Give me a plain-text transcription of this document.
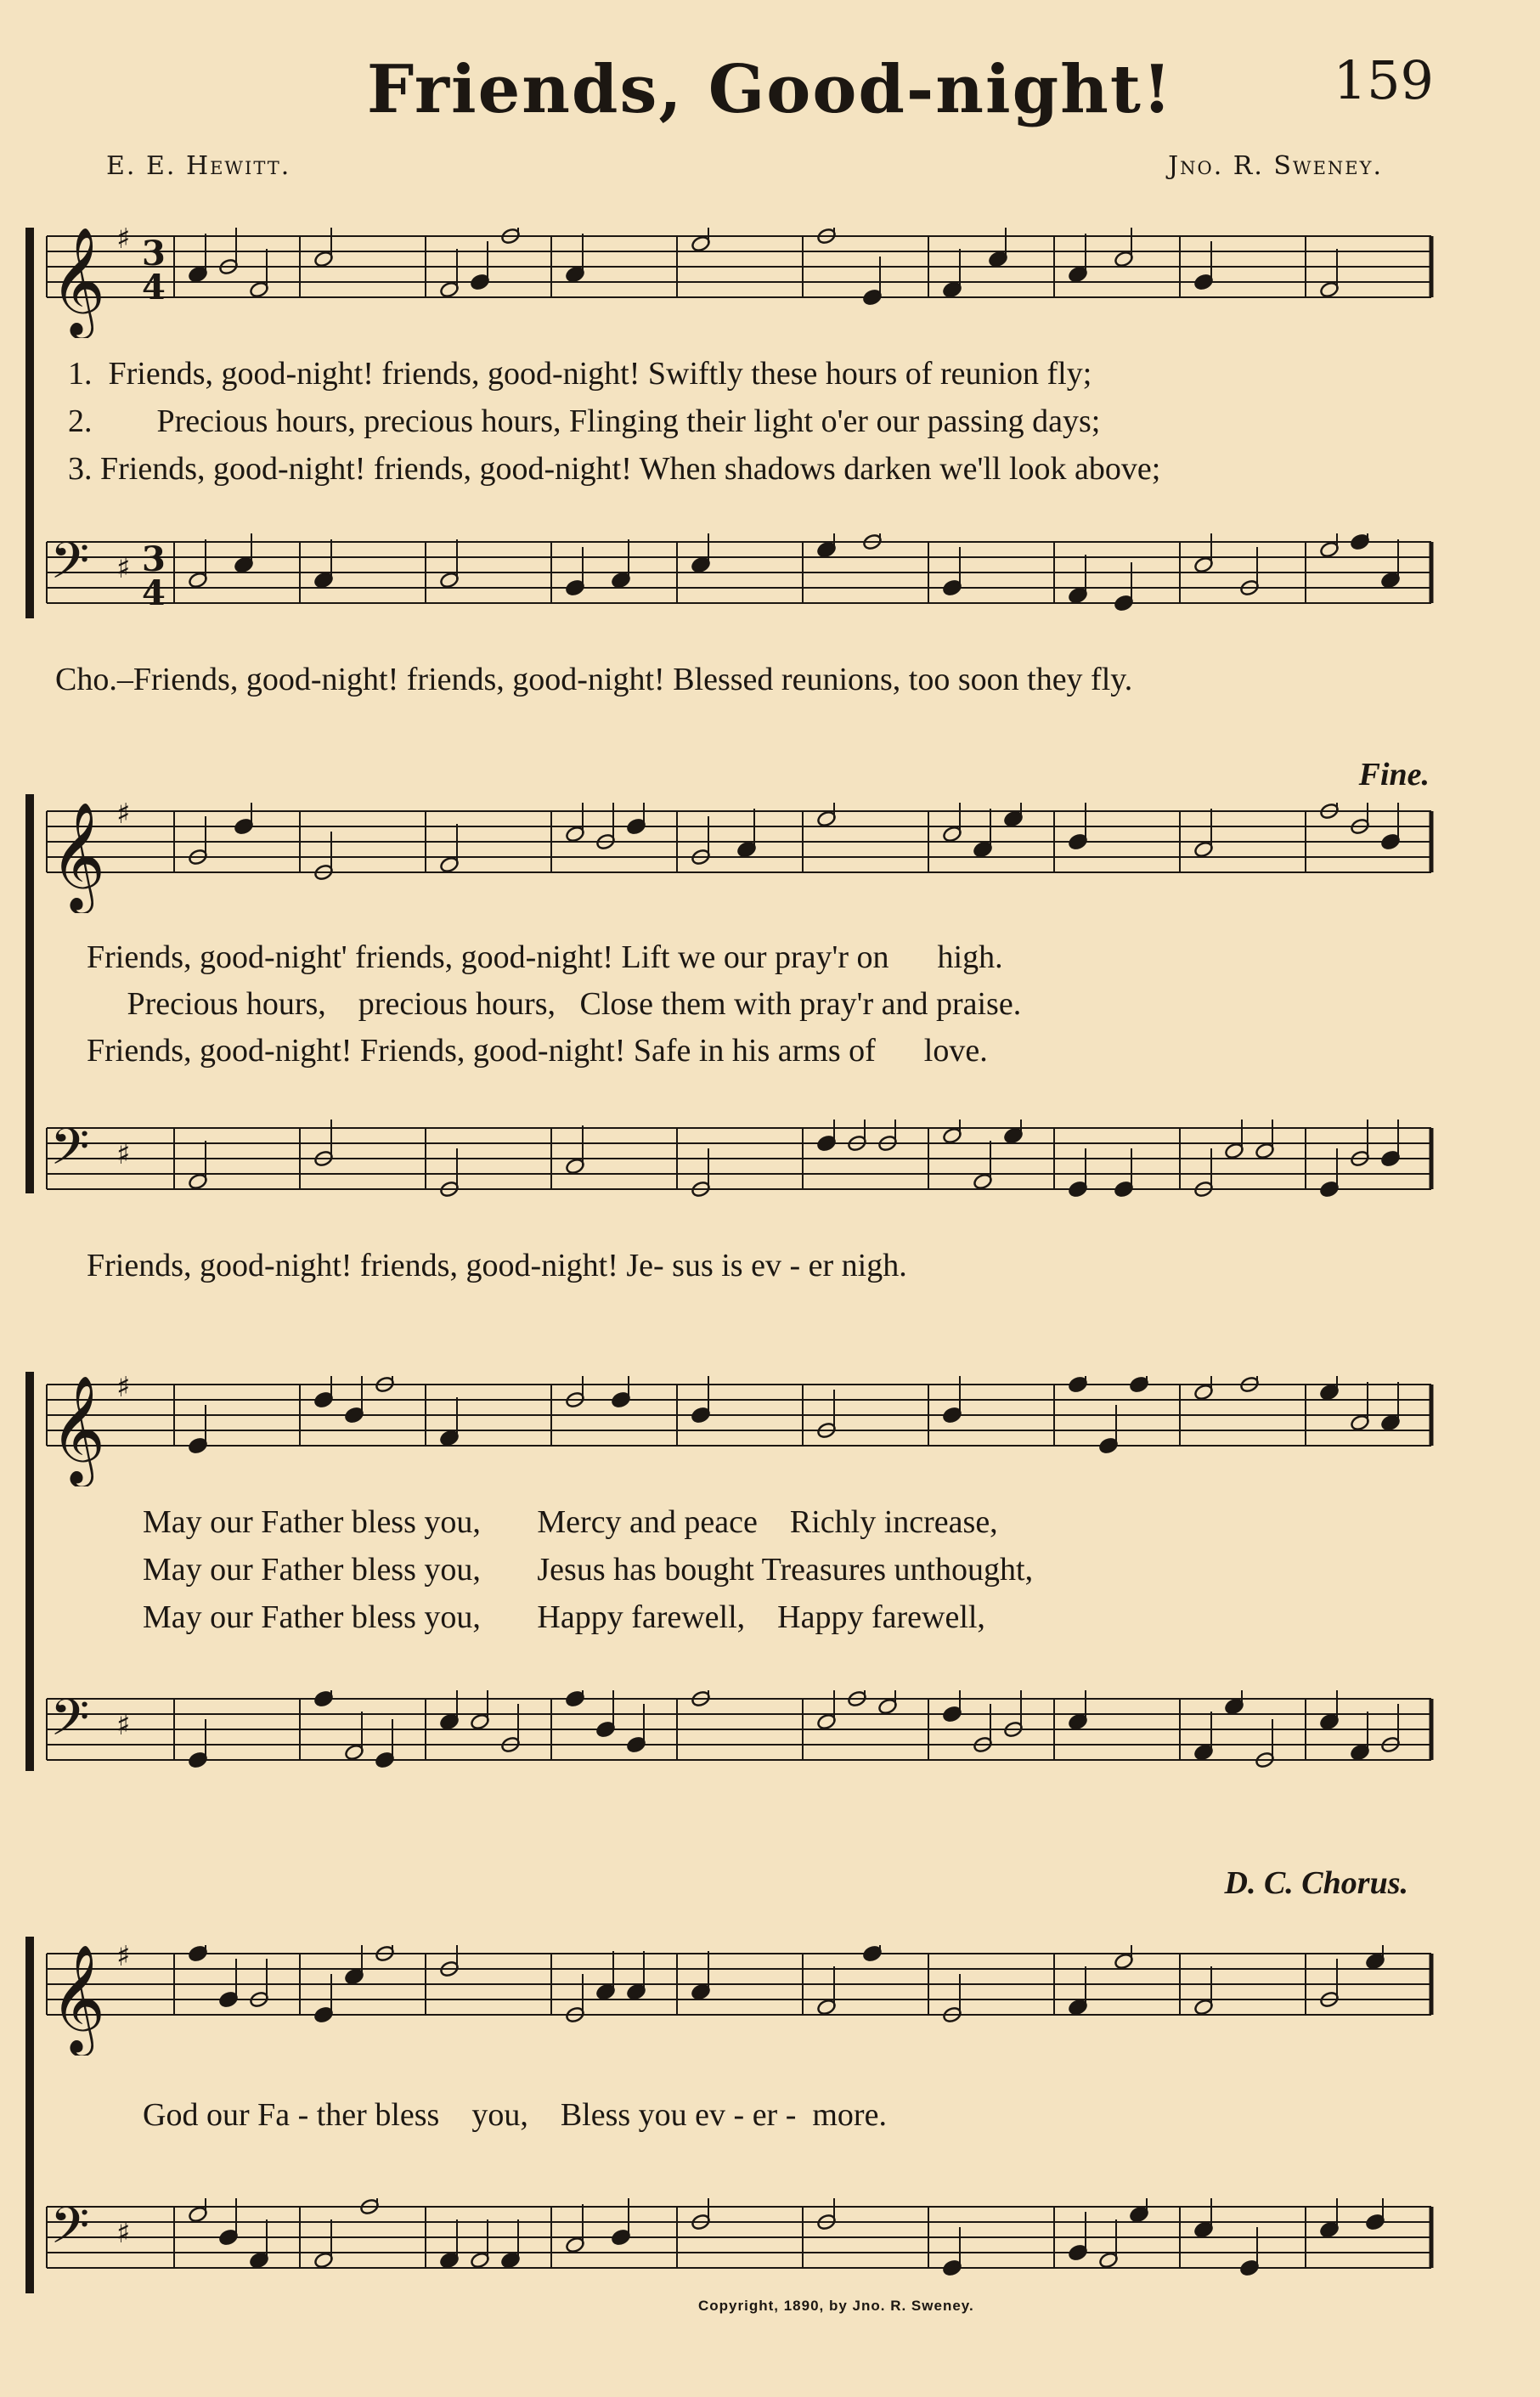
Friends, Good-night!	159
E. E. Hewitt.	Jno. R. Sweney.
𝄞 ♯ 3
4
𝄢 ♯ 3
4
𝄞 ♯
𝄢 ♯
𝄞 ♯
𝄢 ♯
𝄞 ♯
𝄢 ♯
1.  Friends, good-night! friends, good-night! Swiftly these hours of reunion fly;
2.        Precious hours, precious hours, Flinging their light o'er our passing days;
3. Friends, good-night! friends, good-night! When shadows darken we'll look above;
Cho.–Friends, good-night! friends, good-night! Blessed reunions, too soon they fly.
Fine.
Friends, good-night' friends, good-night! Lift we our pray'r on      high.
Precious hours,    precious hours,   Close them with pray'r and praise.
Friends, good-night! Friends, good-night! Safe in his arms of      love.
Friends, good-night! friends, good-night! Je- sus is ev - er nigh.
May our Father bless you,       Mercy and peace    Richly increase,
May our Father bless you,       Jesus has bought Treasures unthought,
May our Father bless you,       Happy farewell,    Happy farewell,
D. C. Chorus.
God our Fa - ther bless    you,    Bless you ev - er -  more.
Copyright, 1890, by Jno. R. Sweney.
